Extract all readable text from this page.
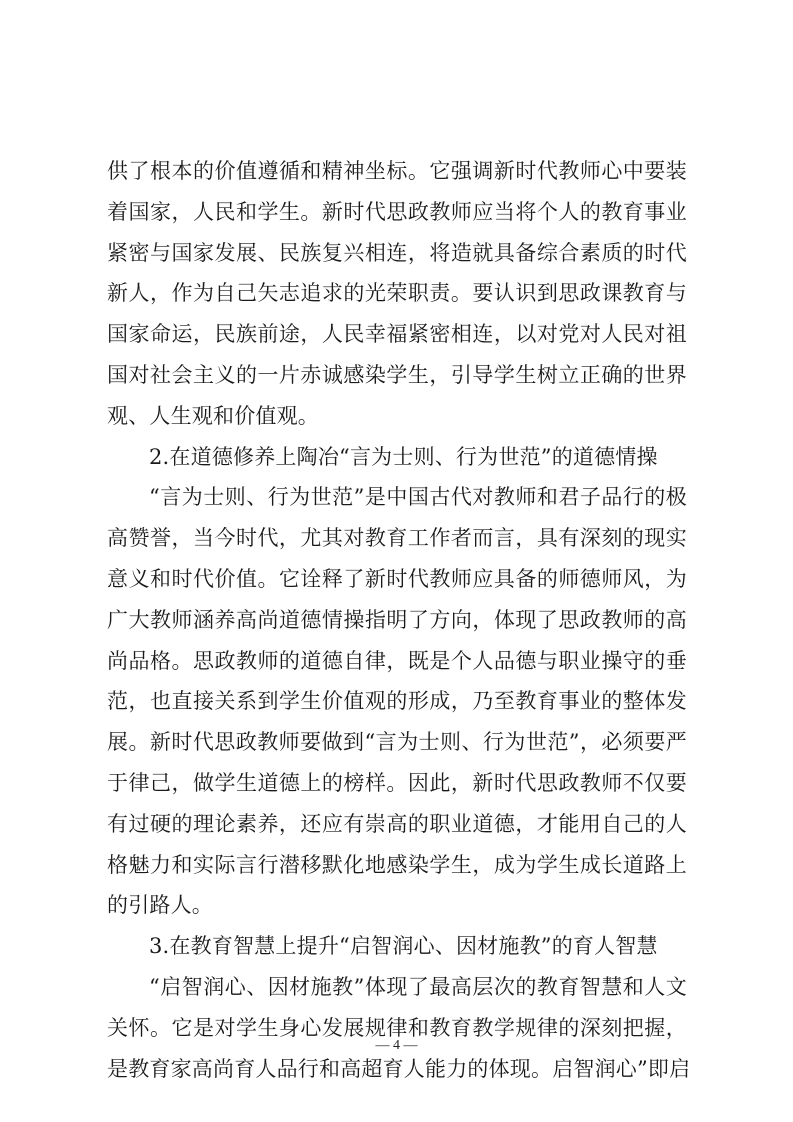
供了根本的价值遵循和精神坐标。它强调新时代教师心中要装
着国家，人民和学生。新时代思政教师应当将个人的教育事业
紧密与国家发展、民族复兴相连，将造就具备综合素质的时代
新人，作为自己矢志追求的光荣职责。要认识到思政课教育与
国家命运，民族前途，人民幸福紧密相连，以对党对人民对祖
国对社会主义的一片赤诚感染学生，引导学生树立正确的世界
观、人生观和价值观。
2.在道德修养上陶冶“言为士则、行为世范”的道德情操
“言为士则、行为世范”是中国古代对教师和君子品行的极
高赞誉，当今时代，尤其对教育工作者而言，具有深刻的现实
意义和时代价值。它诠释了新时代教师应具备的师德师风，为
广大教师涵养高尚道德情操指明了方向，体现了思政教师的高
尚品格。思政教师的道德自律，既是个人品德与职业操守的垂
范，也直接关系到学生价值观的形成，乃至教育事业的整体发
展。新时代思政教师要做到“言为士则、行为世范”，必须要严
于律己，做学生道德上的榜样。因此，新时代思政教师不仅要
有过硬的理论素养，还应有崇高的职业道德，才能用自己的人
格魅力和实际言行潜移默化地感染学生，成为学生成长道路上
的引路人。
3.在教育智慧上提升“启智润心、因材施教”的育人智慧
“启智润心、因材施教”体现了最高层次的教育智慧和人文
关怀。它是对学生身心发展规律和教育教学规律的深刻把握，
是教育家高尚育人品行和高超育人能力的体现。启智润心”即启
— 4 —
